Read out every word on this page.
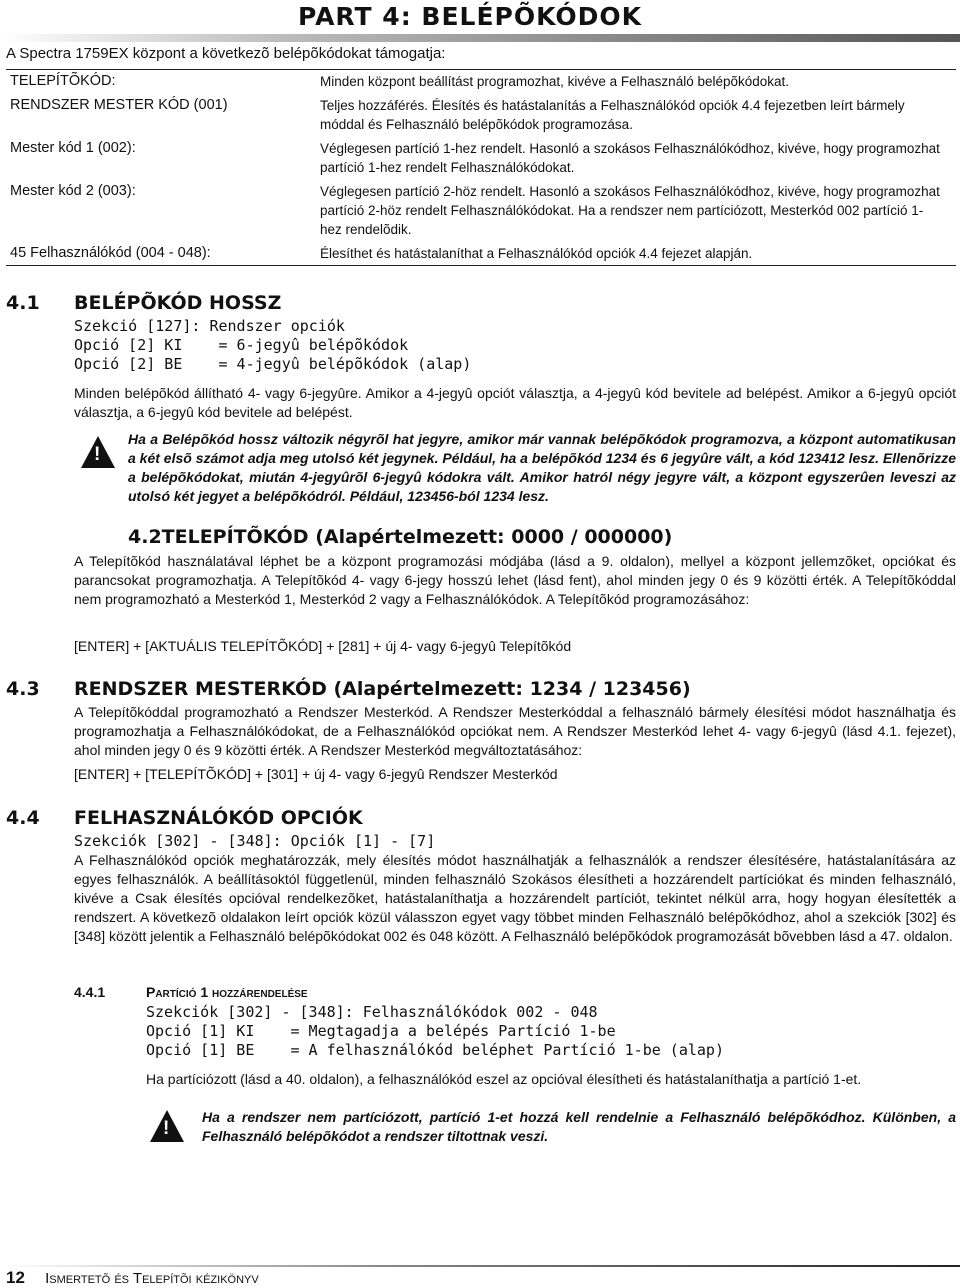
PART 4: BELÉPÕKÓDOK
A Spectra 1759EX központ a következõ belépõkódokat támogatja:
TELEPÍTÕKÓD:	Minden központ beállítást programozhat, kivéve a Felhasználó belépõkódokat.
RENDSZER MESTER KÓD (001)	Teljes hozzáférés. Élesítés és hatástalanítás a Felhasználókód opciók 4.4 fejezetben leírt bármely móddal és Felhasználó belépõkódok programozása.
Mester kód 1 (002):	Véglegesen partíció 1-hez rendelt. Hasonló a szokásos Felhasználókódhoz, kivéve, hogy programozhat partíció 1-hez rendelt Felhasználókódokat.
Mester kód 2 (003):	Véglegesen partíció 2-höz rendelt. Hasonló a szokásos Felhasználókódhoz, kivéve, hogy programozhat partíció 2-höz rendelt Felhasználókódokat. Ha a rendszer nem partíciózott, Mesterkód 002 partíció 1-hez rendelõdik.
45 Felhasználókód (004 - 048):	Élesíthet és hatástalaníthat a Felhasználókód opciók 4.4 fejezet alapján.
4.1 BELÉPÕKÓD HOSSZ
Szekció [127]: Rendszer opciók
Opció [2] KI    = 6-jegyû belépõkódok
Opció [2] BE    = 4-jegyû belépõkódok (alap)
Minden belépõkód állítható 4- vagy 6-jegyûre. Amikor a 4-jegyû opciót választja, a 4-jegyû kód bevitele ad belépést. Amikor a 6-jegyû opciót választja, a 6-jegyû kód bevitele ad belépést.
!
Ha a Belépõkód hossz változik négyrõl hat jegyre, amikor már vannak belépõkódok programozva, a központ automatikusan a két elsõ számot adja meg utolsó két jegynek. Például, ha a belépõkód 1234 és 6 jegyûre vált, a kód 123412 lesz. Ellenõrizze a belépõkódokat, miután 4-jegyûrõl 6-jegyû kódokra vált. Amikor hatról négy jegyre vált, a központ egyszerûen leveszi az utolsó két jegyet a belépõkódról. Például, 123456-ból 1234 lesz.
4.2TELEPÍTÕKÓD (Alapértelmezett: 0000 / 000000)
A Telepítõkód használatával léphet be a központ programozási módjába (lásd a 9. oldalon), mellyel a központ jellemzõket, opciókat és parancsokat programozhatja. A Telepítõkód 4- vagy 6-jegy hosszú lehet (lásd fent), ahol minden jegy 0 és 9 közötti érték. A Telepítõkóddal nem programozható a Mesterkód 1, Mesterkód 2 vagy a Felhasználókódok. A Telepítõkód programozásához:
[ENTER] + [AKTUÁLIS TELEPÍTÕKÓD] + [281] + új 4- vagy 6-jegyû Telepítõkód
4.3 RENDSZER MESTERKÓD (Alapértelmezett: 1234 / 123456)
A Telepítõkóddal programozható a Rendszer Mesterkód. A Rendszer Mesterkóddal a felhasználó bármely élesítési módot használhatja és programozhatja a Felhasználókódokat, de a Felhasználókód opciókat nem. A Rendszer Mesterkód lehet 4- vagy 6-jegyû (lásd 4.1. fejezet), ahol minden jegy 0 és 9 közötti érték. A Rendszer Mesterkód megváltoztatásához:
[ENTER] + [TELEPÍTÕKÓD] + [301] + új 4- vagy 6-jegyû Rendszer Mesterkód
4.4 FELHASZNÁLÓKÓD OPCIÓK
Szekciók [302] - [348]: Opciók [1] - [7]
A Felhasználókód opciók meghatározzák, mely élesítés módot használhatják a felhasználók a rendszer élesítésére, hatástalanítására az egyes felhasználók. A beállításoktól függetlenül, minden felhasználó Szokásos élesítheti a hozzárendelt partíciókat és minden felhasználó, kivéve a Csak élesítés opcióval rendelkezõket, hatástalaníthatja a hozzárendelt partíciót, tekintet nélkül arra, hogy hogyan élesítették a rendszert. A következõ oldalakon leírt opciók közül válasszon egyet vagy többet minden Felhasználó belépõkódhoz, ahol a szekciók [302] és [348] között jelentik a Felhasználó belépõkódokat 002 és 048 között. A Felhasználó belépõkódok programozását bõvebben lásd a 47. oldalon.
4.4.1	Partíció 1 hozzárendelése
Szekciók [302] - [348]: Felhasználókódok 002 - 048
Opció [1] KI    = Megtagadja a belépés Partíció 1-be
Opció [1] BE    = A felhasználókód beléphet Partíció 1-be (alap)
Ha partíciózott (lásd a 40. oldalon), a felhasználókód eszel az opcióval élesítheti és hatástalaníthatja a partíció 1-et.
!
Ha a rendszer nem partíciózott, partíció 1-et hozzá kell rendelnie a Felhasználó belépõkódhoz. Különben, a Felhasználó belépõkódot a rendszer tiltottnak veszi.
12 Ismertetõ és Telepítõi kézikönyv
